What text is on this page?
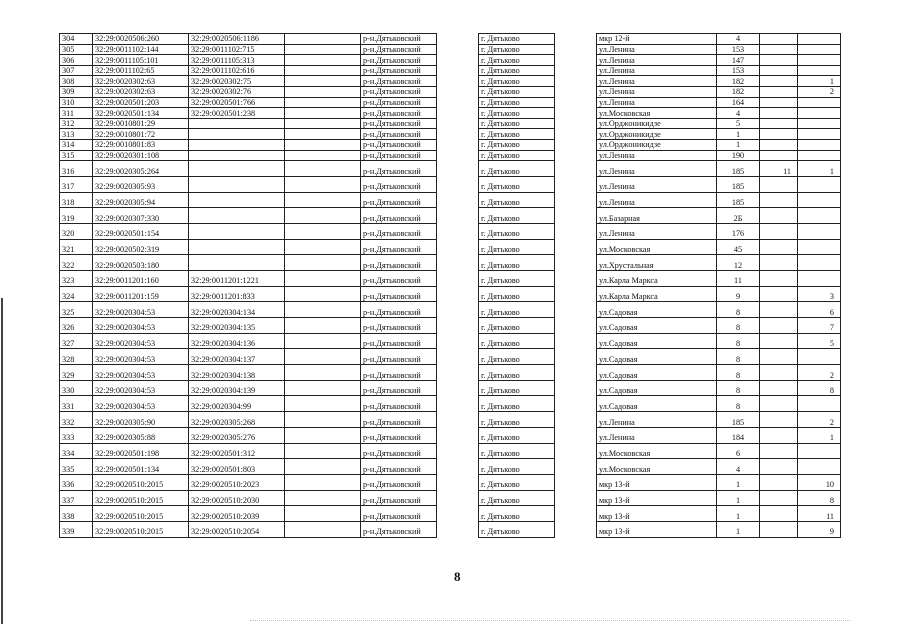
304	32:29:0020506:260	32:29:0020506:1186		р-н.Дятьковский		г. Дятьково		мкр 12-й	4		
305	32:29:0011102:144	32:29:0011102:715		р-н.Дятьковский		г. Дятьково		ул.Ленина	153		
306	32:29:0011105:101	32:29:0011105:313		р-н.Дятьковский		г. Дятьково		ул.Ленина	147		
307	32:29:0011102:65	32:29:0011102:616		р-н.Дятьковский		г. Дятьково		ул.Ленина	153		
308	32:29:0020302:63	32:29:0020302:75		р-н.Дятьковский		г. Дятьково		ул.Ленина	182		1
309	32:29:0020302:63	32:29:0020302:76		р-н.Дятьковский		г. Дятьково		ул.Ленина	182		2
310	32:29:0020501:203	32:29:0020501:766		р-н.Дятьковский		г. Дятьково		ул.Ленина	164		
311	32:29:0020501:134	32:29:0020501:238		р-н.Дятьковский		г. Дятьково		ул.Московская	4		
312	32:29:0010801:29			р-н.Дятьковский		г. Дятьково		ул.Орджоникидзе	5		
313	32:29:0010801:72			р-н.Дятьковский		г. Дятьково		ул.Орджоникидзе	1		
314	32:29:0010801:83			р-н.Дятьковский		г. Дятьково		ул.Орджоникидзе	1		
315	32:29:0020301:108			р-н.Дятьковский		г. Дятьково		ул.Ленина	190		
316	32:29:0020305:264			р-н.Дятьковский		г. Дятьково		ул.Ленина	185	11	1
317	32:29:0020305:93			р-н.Дятьковский		г. Дятьково		ул.Ленина	185		
318	32:29:0020305:94			р-н.Дятьковский		г. Дятьково		ул.Ленина	185		
319	32:29:0020307:330			р-н.Дятьковский		г. Дятьково		ул.Базарная	2Б		
320	32:29:0020501:154			р-н.Дятьковский		г. Дятьково		ул.Ленина	176		
321	32:29:0020502:319			р-н.Дятьковский		г. Дятьково		ул.Московская	45		
322	32:29:0020503:180			р-н.Дятьковский		г. Дятьково		ул.Хрустальная	12		
323	32:29:0011201:160	32:29:0011201:1221		р-н.Дятьковский		г. Дятьково		ул.Карла Маркса	11		
324	32:29:0011201:159	32:29:0011201:833		р-н.Дятьковский		г. Дятьково		ул.Карла Маркса	9		3
325	32:29:0020304:53	32:29:0020304:134		р-н.Дятьковский		г. Дятьково		ул.Садовая	8		6
326	32:29:0020304:53	32:29:0020304:135		р-н.Дятьковский		г. Дятьково		ул.Садовая	8		7
327	32:29:0020304:53	32:29:0020304:136		р-н.Дятьковский		г. Дятьково		ул.Садовая	8		5
328	32:29:0020304:53	32:29:0020304:137		р-н.Дятьковский		г. Дятьково		ул.Садовая	8		
329	32:29:0020304:53	32:29:0020304:138		р-н.Дятьковский		г. Дятьково		ул.Садовая	8		2
330	32:29:0020304:53	32:29:0020304:139		р-н.Дятьковский		г. Дятьково		ул.Садовая	8		8
331	32:29:0020304:53	32:29:0020304:99		р-н.Дятьковский		г. Дятьково		ул.Садовая	8		
332	32:29:0020305:90	32:29:0020305:268		р-н.Дятьковский		г. Дятьково		ул.Ленина	185		2
333	32:29:0020305:88	32:29:0020305:276		р-н.Дятьковский		г. Дятьково		ул.Ленина	184		1
334	32:29:0020501:198	32:29:0020501:312		р-н.Дятьковский		г. Дятьково		ул.Московская	6		
335	32:29:0020501:134	32:29:0020501:803		р-н.Дятьковский		г. Дятьково		ул.Московская	4		
336	32:29:0020510:2015	32:29:0020510:2023		р-н.Дятьковский		г. Дятьково		мкр 13-й	1		10
337	32:29:0020510:2015	32:29:0020510:2030		р-н.Дятьковский		г. Дятьково		мкр 13-й	1		8
338	32:29:0020510:2015	32:29:0020510:2039		р-н.Дятьковский		г. Дятьково		мкр 13-й	1		11
339	32:29:0020510:2015	32:29:0020510:2054		р-н.Дятьковский		г. Дятьково		мкр 13-й	1		9
8
